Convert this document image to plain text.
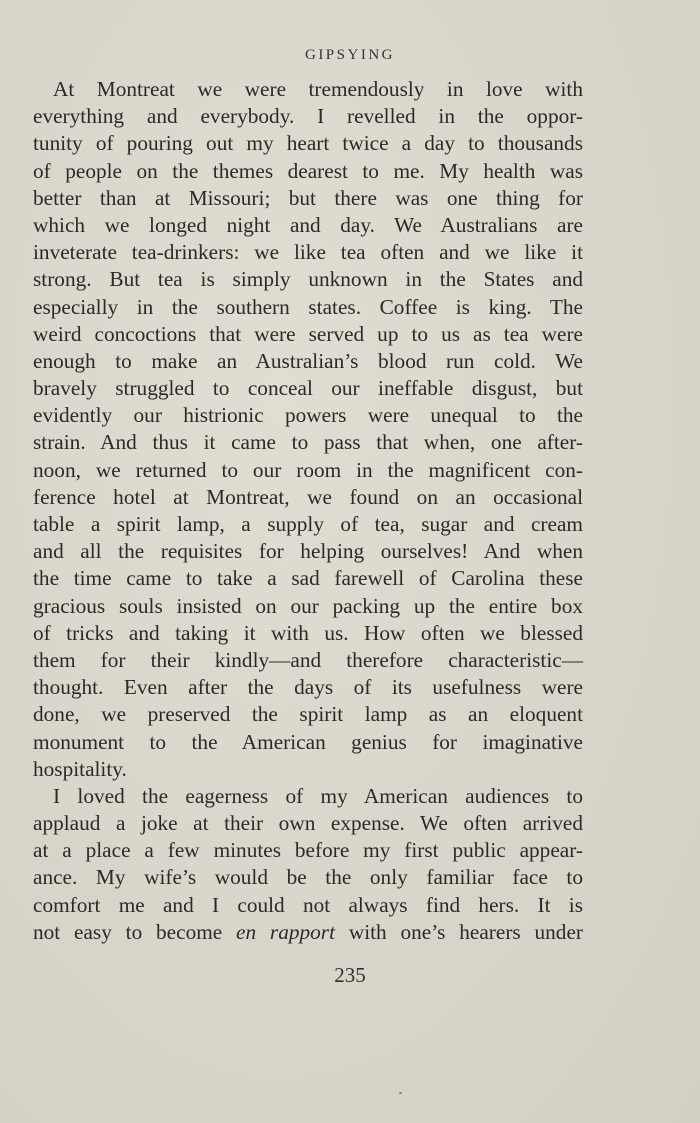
GIPSYING
At Montreat we were tremendously in love with
everything and everybody. I revelled in the oppor-
tunity of pouring out my heart twice a day to thousands
of people on the themes dearest to me. My health was
better than at Missouri; but there was one thing for
which we longed night and day. We Australians are
inveterate tea-drinkers: we like tea often and we like it
strong. But tea is simply unknown in the States and
especially in the southern states. Coffee is king. The
weird concoctions that were served up to us as tea were
enough to make an Australian’s blood run cold. We
bravely struggled to conceal our ineffable disgust, but
evidently our histrionic powers were unequal to the
strain. And thus it came to pass that when, one after-
noon, we returned to our room in the magnificent con-
ference hotel at Montreat, we found on an occasional
table a spirit lamp, a supply of tea, sugar and cream
and all the requisites for helping ourselves! And when
the time came to take a sad farewell of Carolina these
gracious souls insisted on our packing up the entire box
of tricks and taking it with us. How often we blessed
them for their kindly—and therefore characteristic—
thought. Even after the days of its usefulness were
done, we preserved the spirit lamp as an eloquent
monument to the American genius for imaginative
hospitality.
I loved the eagerness of my American audiences to
applaud a joke at their own expense. We often arrived
at a place a few minutes before my first public appear-
ance. My wife’s would be the only familiar face to
comfort me and I could not always find hers. It is
not easy to become en rapport with one’s hearers under
235
